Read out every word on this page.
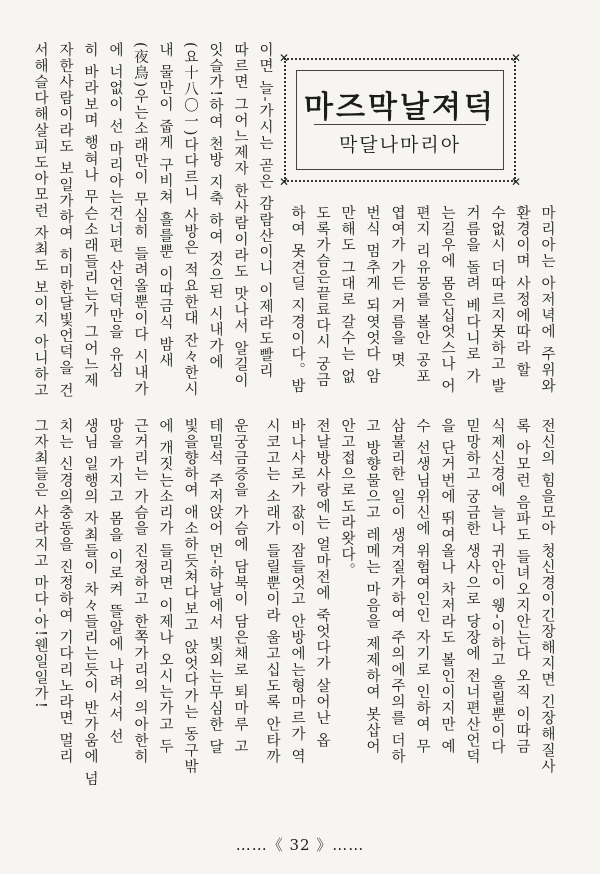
✕	✕
✕	✕
마즈막날져덕
막달나마리아
마리아는 아저녁에 주위와
환경이며 사정에따라 할
수없시 더따르지못하고 발
거름을 돌려 베다니로 가
는길우에 몸은십엇스나 어
편지 리유뭉를 볼안 공포
엽여가 가든 거름을 몃
번식 멈추게 되엿엇다 암
만해도 그대로 갈수는 없
도록가슴은끝료다시 궁금
하여 못견딜 지경이다。밤
이면 늘-가시는 곧은 감람산이니 이제라도빨리
따르면 그어느제자 한사람이라도 맛나서 알길이
잇슬가!하여 천방 지축 하여 것으된 시내가에
(요十八〇一)다다르니 사방은 적요한대 잔々한시
내 물만이 줍게 구비쳐 흘를뿐 이따금식 밤새
(夜鳥)우는소래만이 무심히 들려올뿐이다 시내가
에 너없이 선 마리아는건너편 산언덕만을 유심
히 바라보며 행혀나 무슨소래들리는가 그어느제
자한사람이라도 보일가하여 히미한달빛언덕을 건
서해슬다해살피도아모런 자최도 보이지 아니하고
전신의 힘을모아 청신경이긴장해지면 긴장해질사
록 아모런 음파도 들녀오지안는다 오직 이따금
식제신경에 늘나 귀안이 웽-이하고 울릴뿐이다
믿망하고 궁금한 생사으로 당장에 전너편산언덕
을 단거번에 뛰여올나 차저라도 볼인이지만 예
수 선생님위신에 위험여인인 자기로 인하여 무
삼불리한 일이 생겨질가하여 주의에주의를 더하
고 방향물으고 레메는 마음을 제제하여 봇삽어
안고접으로도라왓다。
전날방사랑에는 얼마전에 죽엇다가 살어난 옵
바나사로가 잢이 잠들엇고 안방에는형마르가 역
시코고는 소래가 들릴뿐이라 울고십도록 안타까
운궁금증을 가슴에 담북이 담은채로 퇴마루 고
테밀석 주저앉어 먼-하날에서 빛외는무심한 달
빛을향하여 애소하듯쳐다보고 앉엇다가는 동구밖
에 개짓는소리가 들리면 이제나 오시는가고 두
근거리는 가슴을 진정하고 한쪽가리의 의아한히
망을 가지고 몸을 이로켜 뜰알에 나려서서 선
생님 일행의 자최들이 차々들리는듯이 반가움에 넘
치는 신경의충동을 진정하여 기다리노라면 멀리
그자최들은 사라지고 마다-아!웬일일가!
……《 32 》……
